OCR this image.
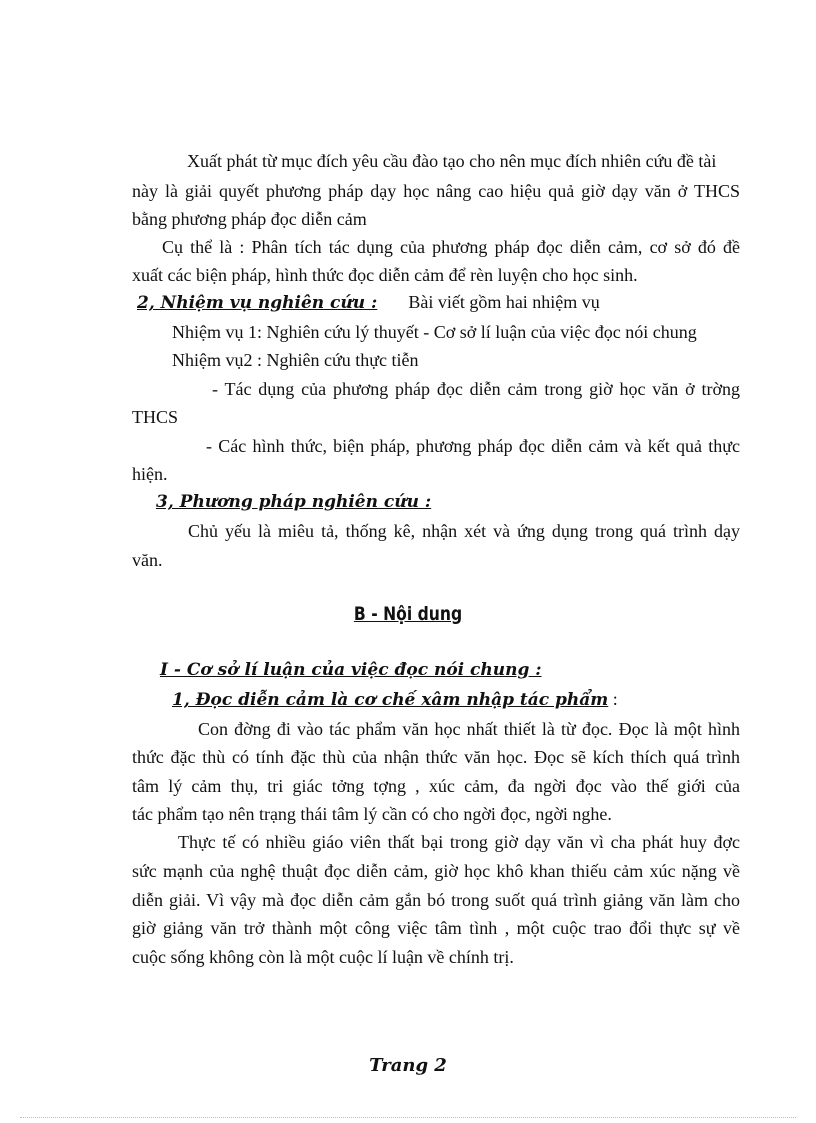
Xuất phát từ mục đích yêu cầu đào tạo cho nên mục đích nhiên cứu đề tài
này là giải quyết phương pháp dạy học nâng cao hiệu quả giờ dạy văn ở THCS
bằng phương pháp đọc diễn cảm
Cụ thể là : Phân tích tác dụng của phương pháp đọc diễn cảm, cơ sở đó đề
xuất các biện pháp, hình thức đọc diễn cảm để rèn luyện cho học sinh.
2, Nhiệm vụ nghiên cứu : Bài viết gồm hai nhiệm vụ
Nhiệm vụ 1: Nghiên cứu lý thuyết - Cơ sở lí luận của việc đọc nói chung
Nhiệm vụ2 : Nghiên cứu thực tiễn
- Tác dụng của phương pháp đọc diễn cảm trong giờ học văn ở trờng
THCS
- Các hình thức, biện pháp, phương pháp đọc diễn cảm và kết quả thực
hiện.
3, Phương pháp nghiên cứu :
Chủ yếu là miêu tả, thống kê, nhận xét và ứng dụng trong quá trình dạy
văn.
B - Nội dung
I - Cơ sở lí luận của việc đọc nói chung :
1, Đọc diễn cảm là cơ chế xâm nhập tác phẩm :
Con đờng đi vào tác phẩm văn học nhất thiết là từ đọc. Đọc là một hình
thức đặc thù có tính đặc thù của nhận thức văn học. Đọc sẽ kích thích quá trình
tâm lý cảm thụ, tri giác tởng tợng , xúc cảm, đa ngời đọc vào thế giới của
tác phẩm tạo nên trạng thái tâm lý cần có cho ngời đọc, ngời nghe.
Thực tế có nhiều giáo viên thất bại trong giờ dạy văn vì cha phát huy đợc
sức mạnh của nghệ thuật đọc diễn cảm, giờ học khô khan thiếu cảm xúc nặng về
diễn giải. Vì vậy mà đọc diễn cảm gắn bó trong suốt quá trình giảng văn làm cho
giờ giảng văn trở thành một công việc tâm tình , một cuộc trao đổi thực sự về
cuộc sống không còn là một cuộc lí luận về chính trị.
Trang 2
